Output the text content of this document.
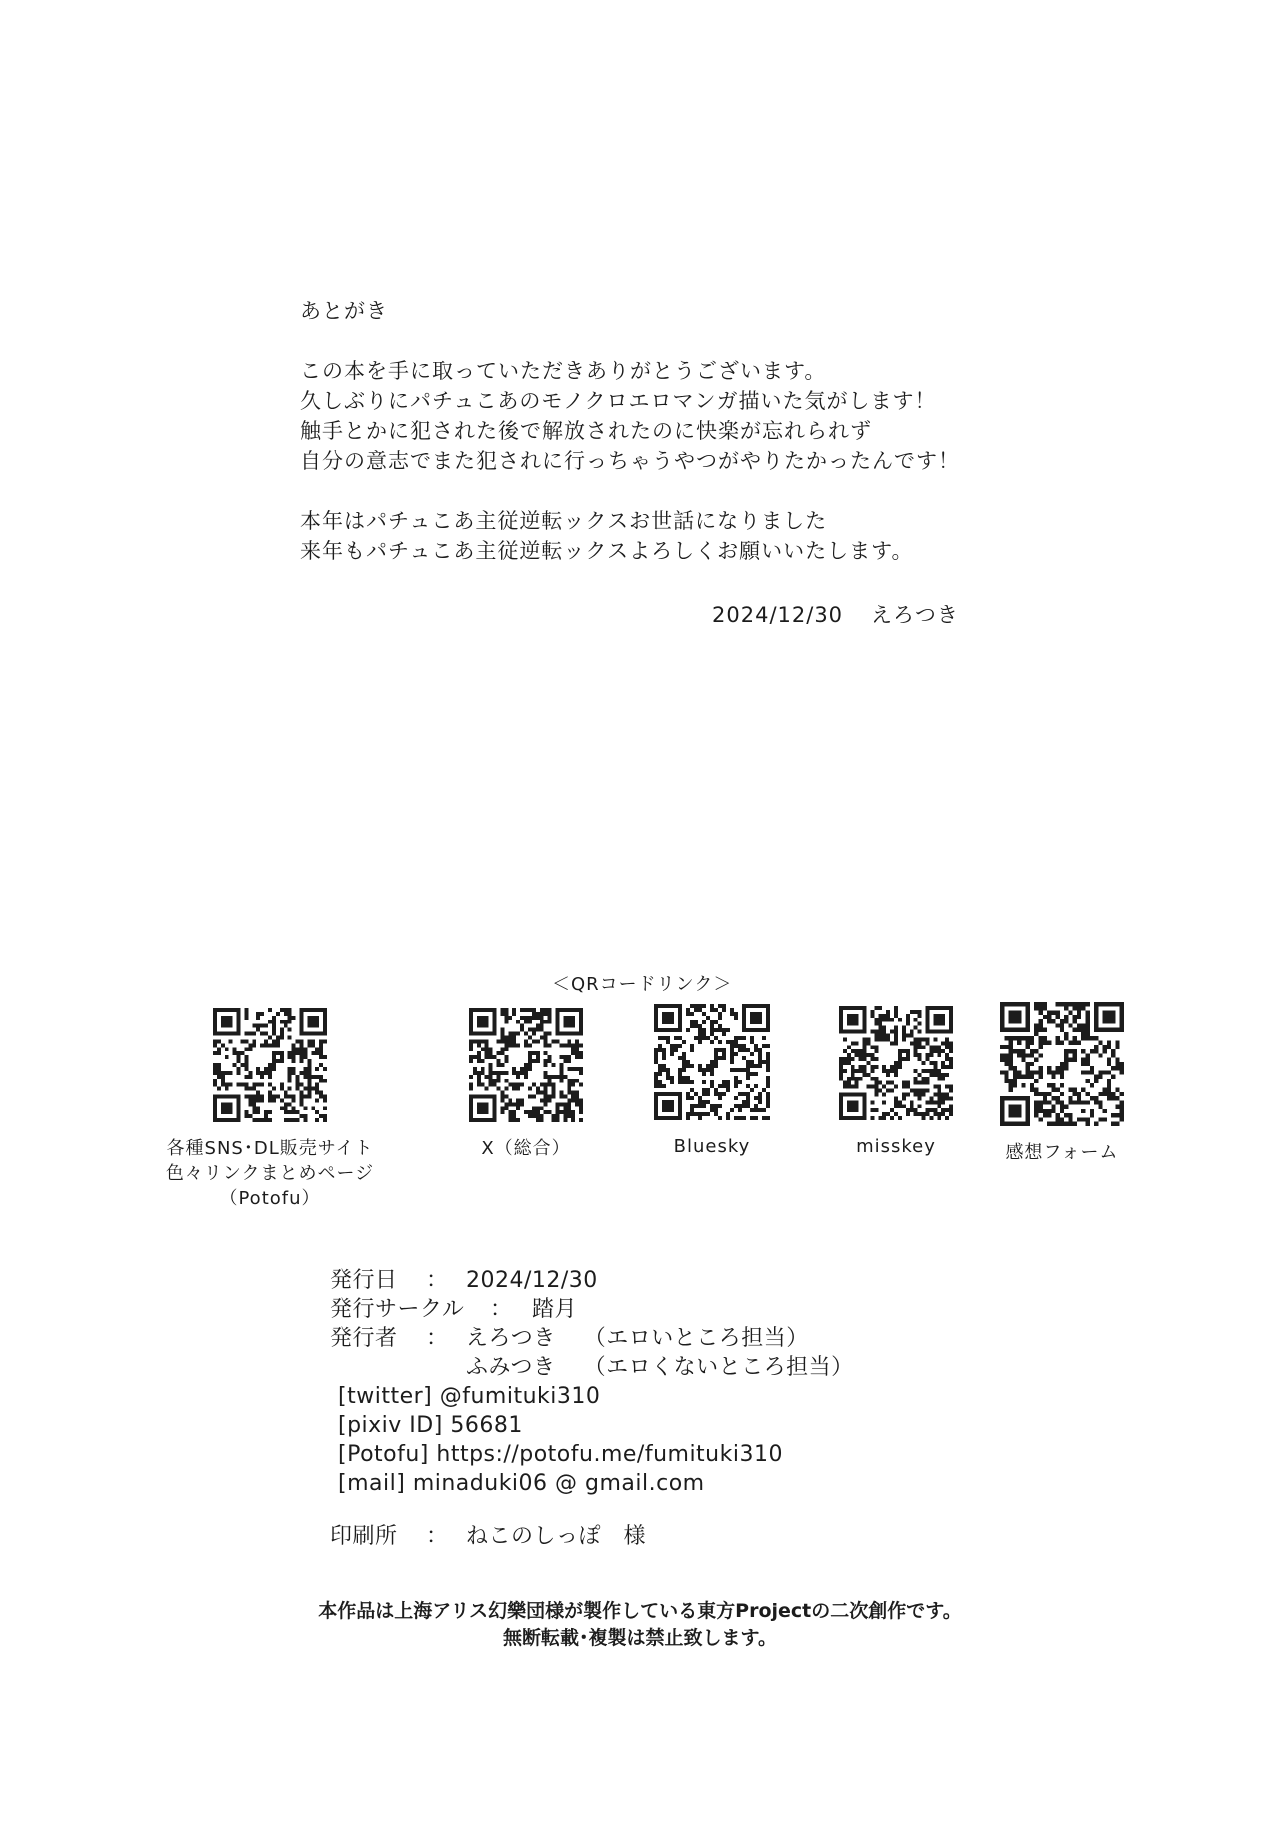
あとがき
この本を手に取っていただきありがとうございます。
久しぶりにパチュこあのモノクロエロマンガ描いた気がします！
触手とかに犯された後で解放されたのに快楽が忘れられず
自分の意志でまた犯されに行っちゃうやつがやりたかったんです！
本年はパチュこあ主従逆転ックスお世話になりました
来年もパチュこあ主従逆転ックスよろしくお願いいたします。
2024/12/30 えろつき
＜QRコードリンク＞
各種SNS･DL販売サイト
色々リンクまとめページ
（Potofu）
X（総合）	Bluesky	misskey	感想フォーム
発行日 ： 2024/12/30
発行サークル ： 踏月
発行者 ： えろつき （エロいところ担当）
ふみつき （エロくないところ担当）
[twitter] @fumituki310
[pixiv ID] 56681
[Potofu] https://potofu.me/fumituki310
[mail] minaduki06 @ gmail.com
印刷所 ： ねこのしっぽ　様
本作品は上海アリス幻樂団様が製作している東方Projectの二次創作です。
無断転載･複製は禁止致します。
